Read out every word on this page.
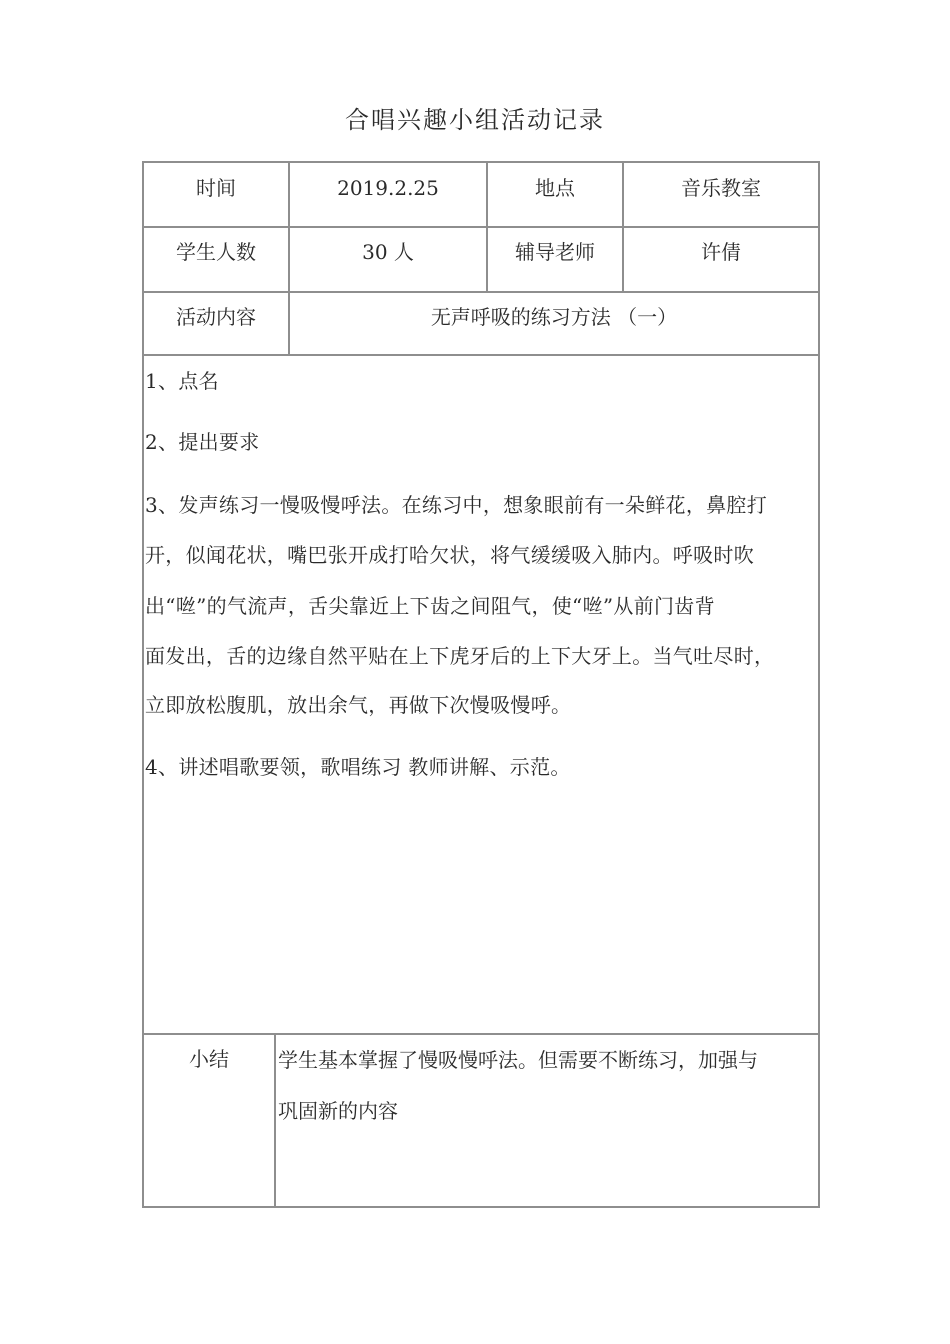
合唱兴趣小组活动记录
时间	2019.2.25	地点	音乐教室
学生人数	30 人	辅导老师	许倩
活动内容	无声呼吸的练习方法 （一）
1、点名
2、提出要求
3、发声练习一慢吸慢呼法。在练习中，想象眼前有一朵鲜花，鼻腔打
开，似闻花状，嘴巴张开成打哈欠状，将气缓缓吸入肺内。呼吸时吹
出“咝”的气流声，舌尖靠近上下齿之间阻气，使“咝”从前门齿背
面发出，舌的边缘自然平贴在上下虎牙后的上下大牙上。当气吐尽时，
立即放松腹肌，放出余气，再做下次慢吸慢呼。
4、讲述唱歌要领，歌唱练习 教师讲解、示范。
小结	学生基本掌握了慢吸慢呼法。但需要不断练习，加强与
巩固新的内容
